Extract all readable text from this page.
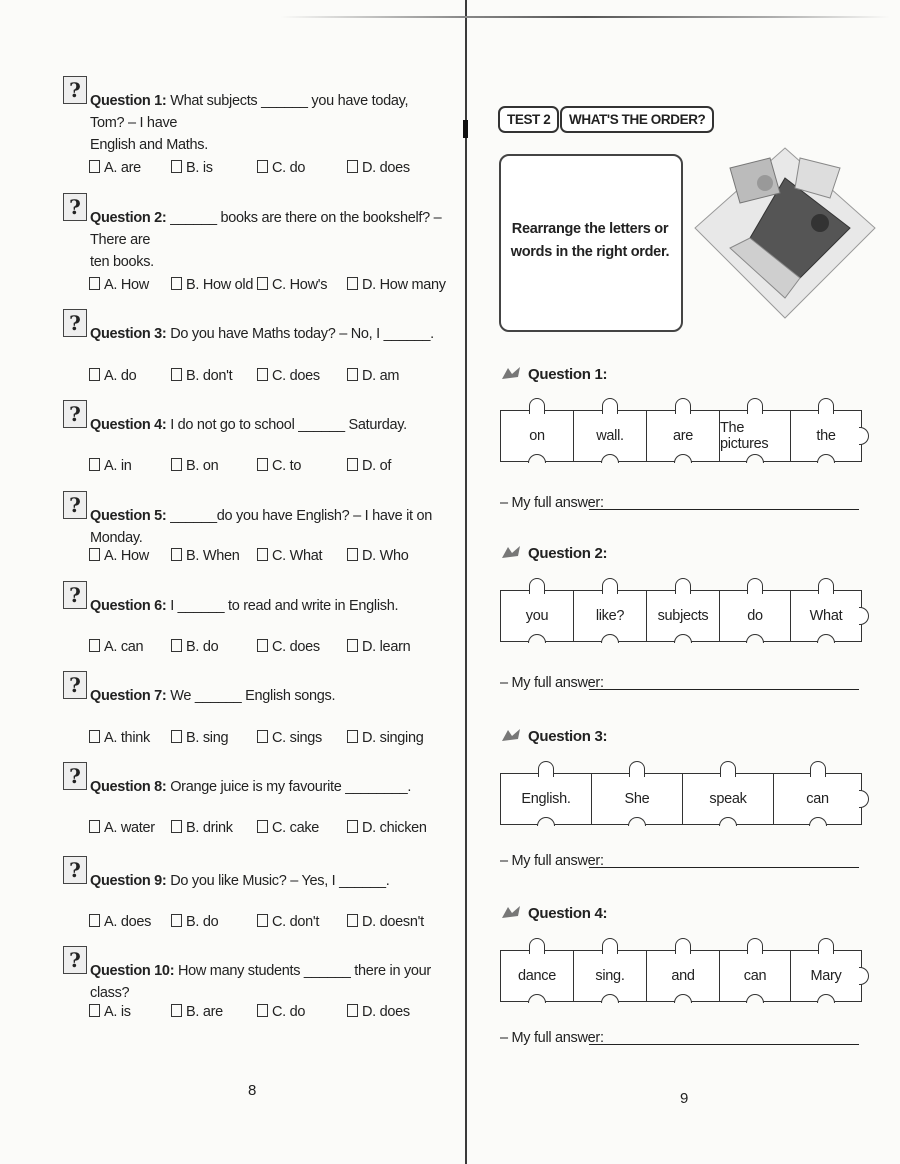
? Question 1: What subjects ______ you have today, Tom? – I have
English and Maths.
A. are	B. is	C. do	D. does
? Question 2: ______ books are there on the bookshelf? – There are
ten books.
A. How	B. How old	C. How's	D. How many
? Question 3: Do you have Maths today? – No, I ______.
A. do	B. don't	C. does	D. am
? Question 4: I do not go to school ______ Saturday.
A. in	B. on	C. to	D. of
? Question 5: ______do you have English? – I have it on Monday.
A. How	B. When	C. What	D. Who
? Question 6: I ______ to read and write in English.
A. can	B. do	C. does	D. learn
? Question 7: We ______ English songs.
A. think	B. sing	C. sings	D. singing
? Question 8: Orange juice is my favourite ________.
A. water	B. drink	C. cake	D. chicken
? Question 9: Do you like Music? – Yes, I ______.
A. does	B. do	C. don't	D. doesn't
? Question 10: How many students ______ there in your class?
A. is	B. are	C. do	D. does
8
TEST 2	WHAT'S THE ORDER?
Rearrange the letters or
words in the right order.
Question 1:
on	wall.	are The pictures	the
– My full answer:
Question 2:
you	like? subjects	do	What
– My full answer:
Question 3:
English.	She	speak	can
– My full answer:
Question 4:
dance	sing.	and	can	Mary
– My full answer:
9
